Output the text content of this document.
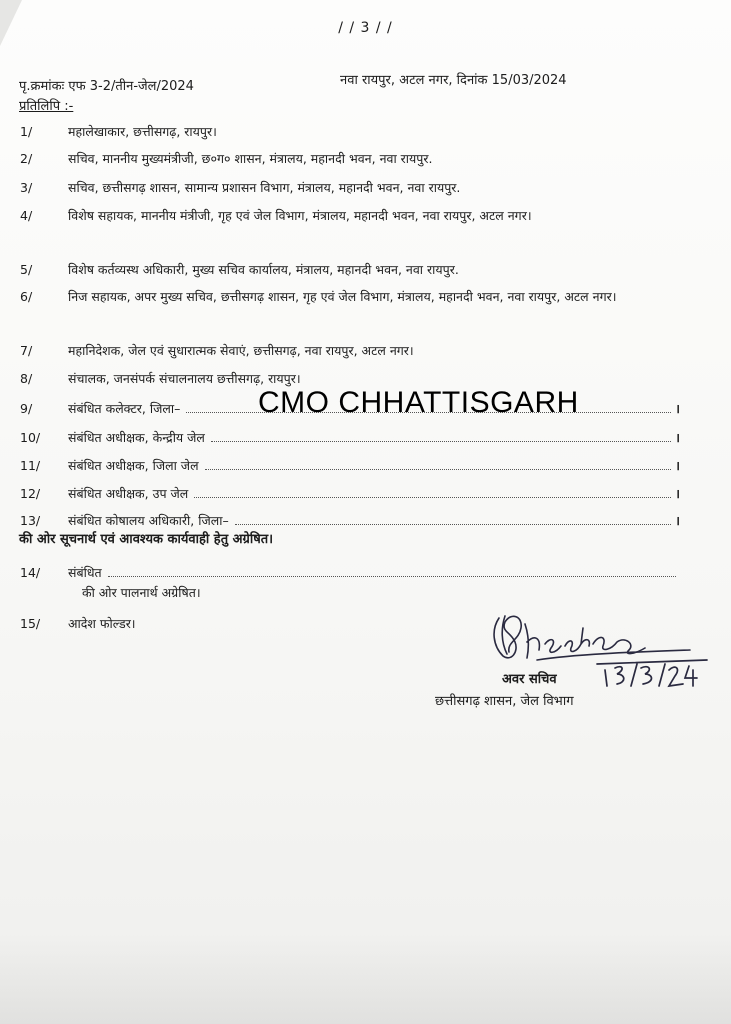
/ / 3 / /
पृ.क्रमांकः एफ 3-2/तीन-जेल/2024	नवा रायपुर, अटल नगर, दिनांक 15/03/2024
प्रतिलिपि :-
1/	महालेखाकार, छत्तीसगढ़, रायपुर।
2/	सचिव, माननीय मुख्यमंत्रीजी, छ०ग० शासन, मंत्रालय, महानदी भवन, नवा रायपुर.
3/	सचिव, छत्तीसगढ़ शासन, सामान्य प्रशासन विभाग, मंत्रालय, महानदी भवन, नवा रायपुर.
4/	विशेष सहायक, माननीय मंत्रीजी, गृह एवं जेल विभाग, मंत्रालय, महानदी भवन, नवा रायपुर, अटल नगर।
5/	विशेष कर्तव्यस्थ अधिकारी, मुख्य सचिव कार्यालय, मंत्रालय, महानदी भवन, नवा रायपुर.
6/	निज सहायक, अपर मुख्य सचिव, छत्तीसगढ़ शासन, गृह एवं जेल विभाग, मंत्रालय, महानदी भवन, नवा रायपुर, अटल नगर।
7/	महानिदेशक, जेल एवं सुधारात्मक सेवाएं, छत्तीसगढ़, नवा रायपुर, अटल नगर।
8/	संचालक, जनसंपर्क संचालनालय छत्तीसगढ़, रायपुर।
9/	संबंधित कलेक्टर, जिला–	।
10/	संबंधित अधीक्षक, केन्द्रीय जेल	।
11/	संबंधित अधीक्षक, जिला जेल	।
12/	संबंधित अधीक्षक, उप जेल	।
13/	संबंधित कोषालय अधिकारी, जिला–	।
की ओर सूचनार्थ एवं आवश्यक कार्यवाही हेतु अग्रेषित।
14/	संबंधित
की ओर पालनार्थ अग्रेषित।
15/	आदेश फोल्डर।
CMO CHHATTISGARH
अवर सचिव
छत्तीसगढ़ शासन, जेल विभाग
